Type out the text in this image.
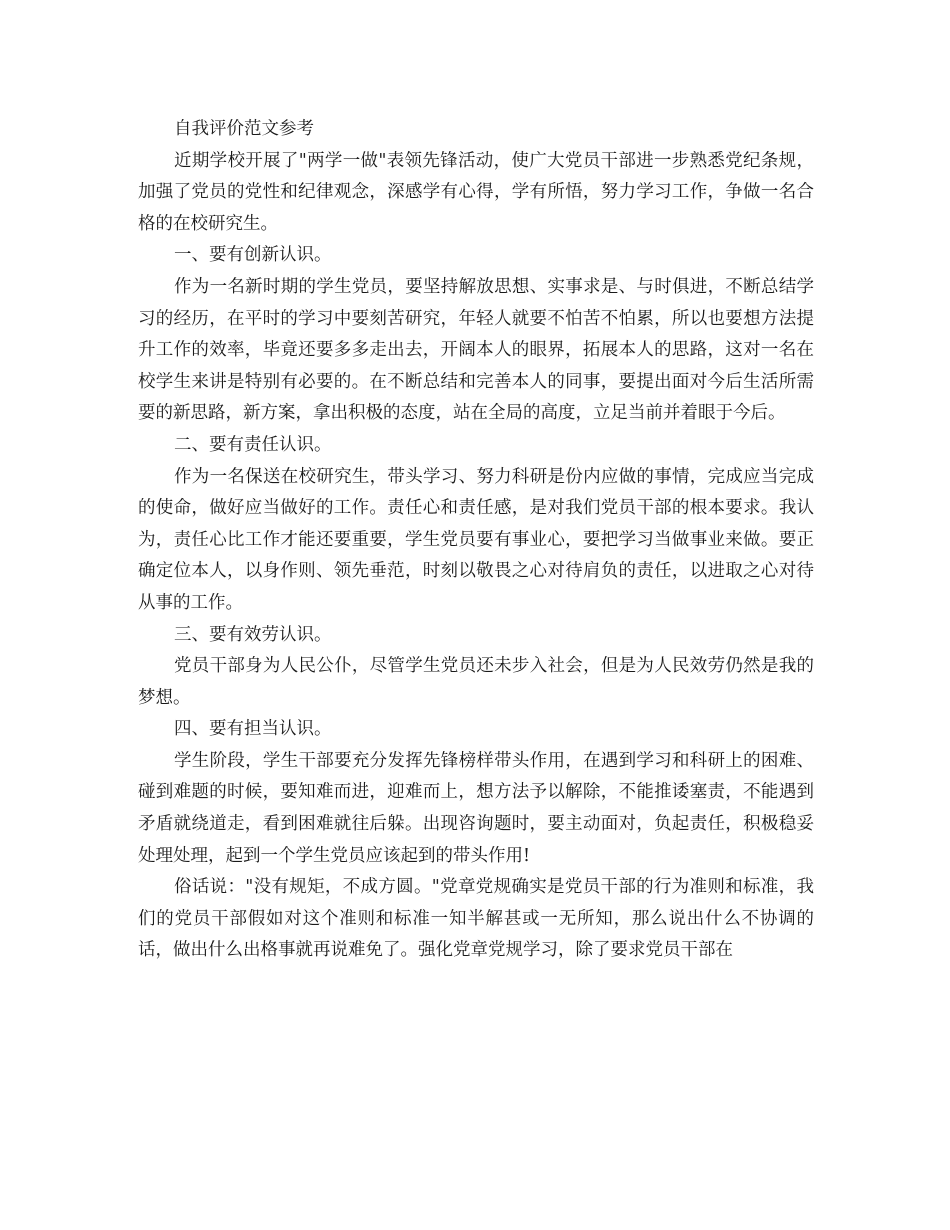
自我评价范文参考

近期学校开展了"两学一做"表领先锋活动，使广大党员干部进一步熟悉党纪条规，加强了党员的党性和纪律观念，深感学有心得，学有所悟，努力学习工作，争做一名合格的在校研究生。

一、要有创新认识。

作为一名新时期的学生党员，要坚持解放思想、实事求是、与时俱进，不断总结学习的经历，在平时的学习中要刻苦研究，年轻人就要不怕苦不怕累，所以也要想方法提升工作的效率，毕竟还要多多走出去，开阔本人的眼界，拓展本人的思路，这对一名在校学生来讲是特别有必要的。在不断总结和完善本人的同事，要提出面对今后生活所需要的新思路，新方案，拿出积极的态度，站在全局的高度，立足当前并着眼于今后。

二、要有责任认识。

作为一名保送在校研究生，带头学习、努力科研是份内应做的事情，完成应当完成的使命，做好应当做好的工作。责任心和责任感，是对我们党员干部的根本要求。我认为，责任心比工作才能还要重要，学生党员要有事业心，要把学习当做事业来做。要正确定位本人，以身作则、领先垂范，时刻以敬畏之心对待肩负的责任，以进取之心对待从事的工作。

三、要有效劳认识。

党员干部身为人民公仆，尽管学生党员还未步入社会，但是为人民效劳仍然是我的梦想。

四、要有担当认识。

学生阶段，学生干部要充分发挥先锋榜样带头作用，在遇到学习和科研上的困难、碰到难题的时候，要知难而进，迎难而上，想方法予以解除，不能推诿塞责，不能遇到矛盾就绕道走，看到困难就往后躲。出现咨询题时，要主动面对，负起责任，积极稳妥处理处理，起到一个学生党员应该起到的带头作用!

俗话说："没有规矩，不成方圆。"党章党规确实是党员干部的行为准则和标准，我们的党员干部假如对这个准则和标准一知半解甚或一无所知，那么说出什么不协调的话，做出什么出格事就再说难免了。强化党章党规学习，除了要求党员干部在
